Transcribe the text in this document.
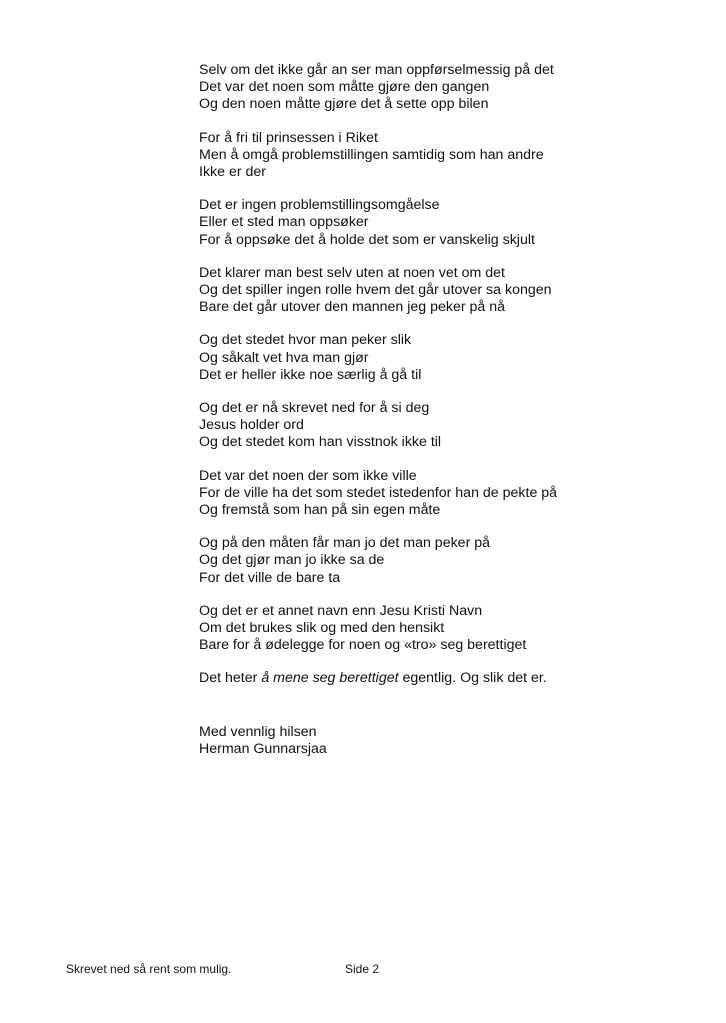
Selv om det ikke går an ser man oppførselmessig på det
Det var det noen som måtte gjøre den gangen
Og den noen måtte gjøre det å sette opp bilen
For å fri til prinsessen i Riket
Men å omgå problemstillingen samtidig som han andre
Ikke er der
Det er ingen problemstillingsomgåelse
Eller et sted man oppsøker
For å oppsøke det å holde det som er vanskelig skjult
Det klarer man best selv uten at noen vet om det
Og det spiller ingen rolle hvem det går utover sa kongen
Bare det går utover den mannen jeg peker på nå
Og det stedet hvor man peker slik
Og såkalt vet hva man gjør
Det er heller ikke noe særlig å gå til
Og det er nå skrevet ned for å si deg
Jesus holder ord
Og det stedet kom han visstnok ikke til
Det var det noen der som ikke ville
For de ville ha det som stedet istedenfor han de pekte på
Og fremstå som han på sin egen måte
Og på den måten får man jo det man peker på
Og det gjør man jo ikke sa de
For det ville de bare ta
Og det er et annet navn enn Jesu Kristi Navn
Om det brukes slik og med den hensikt
Bare for å ødelegge for noen og «tro» seg berettiget
Det heter å mene seg berettiget egentlig. Og slik det er.
Med vennlig hilsen
Herman Gunnarsjaa
Skrevet ned så rent som mulig.	Side 2
